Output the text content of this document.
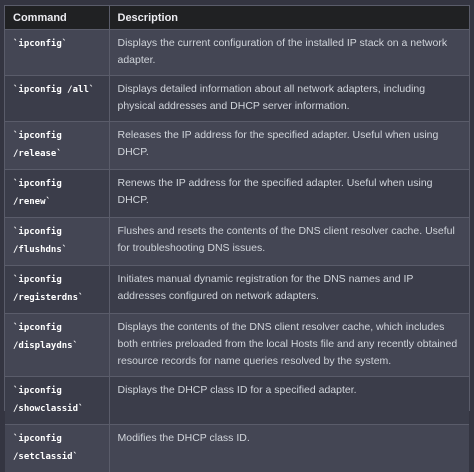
Command	Description
`ipconfig`	Displays the current configuration of the installed IP stack on a network adapter.
`ipconfig /all`	Displays detailed information about all network adapters, including physical addresses and DHCP server information.
`ipconfig /release`	Releases the IP address for the specified adapter. Useful when using DHCP.
`ipconfig /renew`	Renews the IP address for the specified adapter. Useful when using DHCP.
`ipconfig /flushdns`	Flushes and resets the contents of the DNS client resolver cache. Useful for troubleshooting DNS issues.
`ipconfig /registerdns`	Initiates manual dynamic registration for the DNS names and IP addresses configured on network adapters.
`ipconfig /displaydns`	Displays the contents of the DNS client resolver cache, which includes both entries preloaded from the local Hosts file and any recently obtained resource records for name queries resolved by the system.
`ipconfig /showclassid`	Displays the DHCP class ID for a specified adapter.
`ipconfig /setclassid`	Modifies the DHCP class ID.
